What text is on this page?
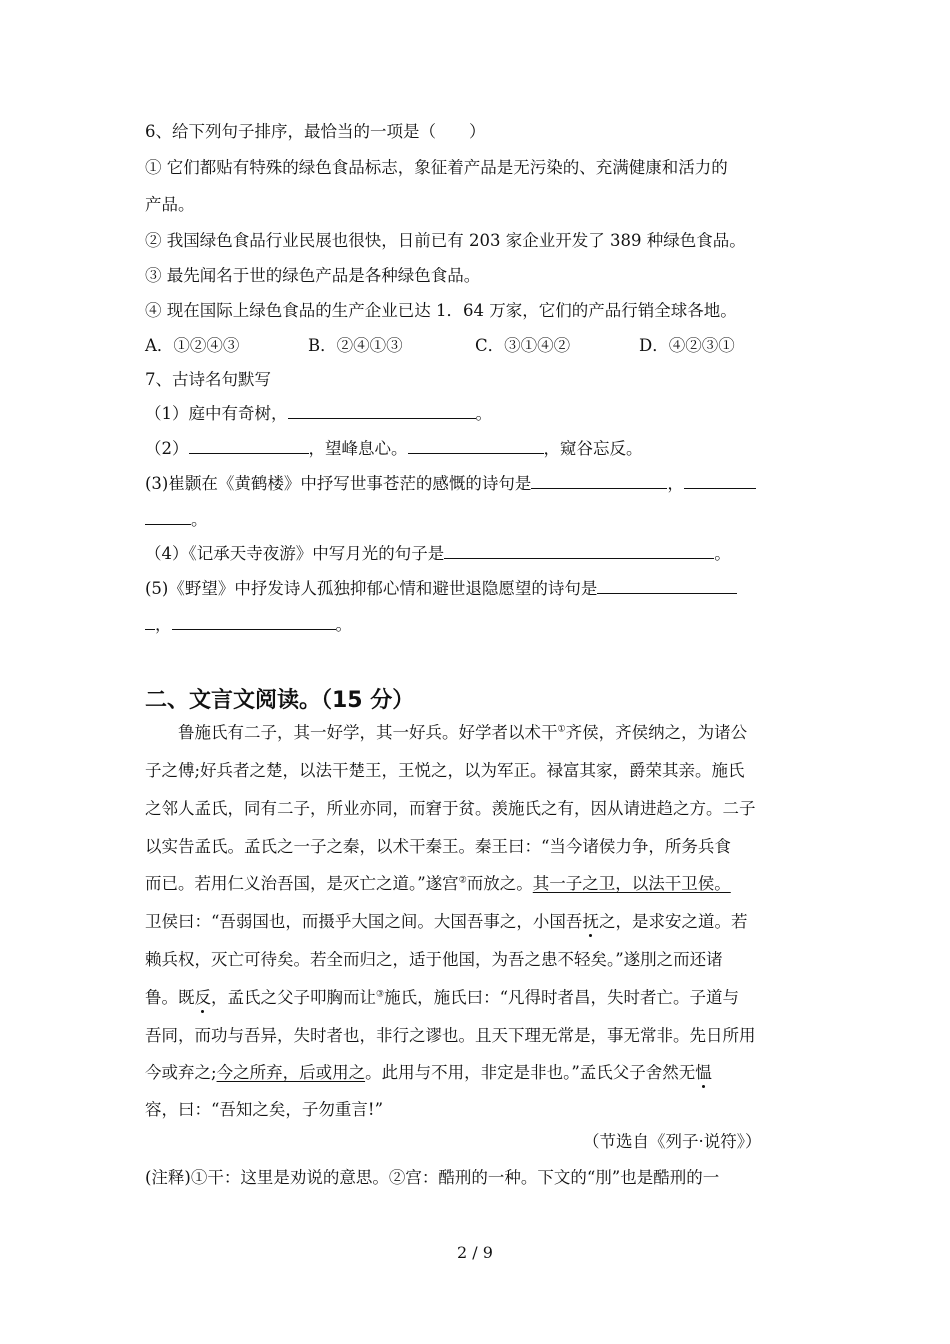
6、给下列句子排序，最恰当的一项是（　　）
① 它们都贴有特殊的绿色食品标志，象征着产品是无污染的、充满健康和活力的
产品。
② 我国绿色食品行业民展也很快，日前已有 203 家企业开发了 389 种绿色食品。
③ 最先闻名于世的绿色产品是各种绿色食品。
④ 现在国际上绿色食品的生产企业已达 1．64 万家，它们的产品行销全球各地。
A．①②④③	B．②④①③	C．③①④②	D．④②③①
7、古诗名句默写
（1）庭中有奇树，	。
（2）	，望峰息心。	，窥谷忘反。
(3)崔颢在《黄鹤楼》中抒写世事苍茫的感慨的诗句是	，
。
（4）《记承天寺夜游》中写月光的句子是	。
(5)《野望》中抒发诗人孤独抑郁心情和避世退隐愿望的诗句是
，	。
二、文言文阅读。（15 分）
鲁施氏有二子，其一好学，其一好兵。好学者以术干①齐侯，齐侯纳之，为诸公
子之傅;好兵者之楚，以法干楚王，王悦之，以为军正。禄富其家，爵荣其亲。施氏
之邻人孟氏，同有二子，所业亦同，而窘于贫。羡施氏之有，因从请进趋之方。二子
以实告孟氏。孟氏之一子之秦，以术干秦王。秦王曰：“当今诸侯力争，所务兵食
而已。若用仁义治吾国，是灭亡之道。”遂宫②而放之。其一子之卫，以法干卫侯。
卫侯曰：“吾弱国也，而摄乎大国之间。大国吾事之，小国吾抚之，是求安之道。若
赖兵权，灭亡可待矣。若全而归之，适于他国，为吾之患不轻矣。”遂刖之而还诸
鲁。既反，孟氏之父子叩胸而让③施氏，施氏曰：“凡得时者昌，失时者亡。子道与
吾同，而功与吾异，失时者也，非行之谬也。且天下理无常是，事无常非。先日所用
今或弃之;今之所弃，后或用之。此用与不用，非定是非也。”孟氏父子舍然无愠
容，曰：“吾知之矣，子勿重言!”
（节选自《列子·说符》）
(注释)①干：这里是劝说的意思。②宫：酷刑的一种。下文的“刖”也是酷刑的一
2 / 9
